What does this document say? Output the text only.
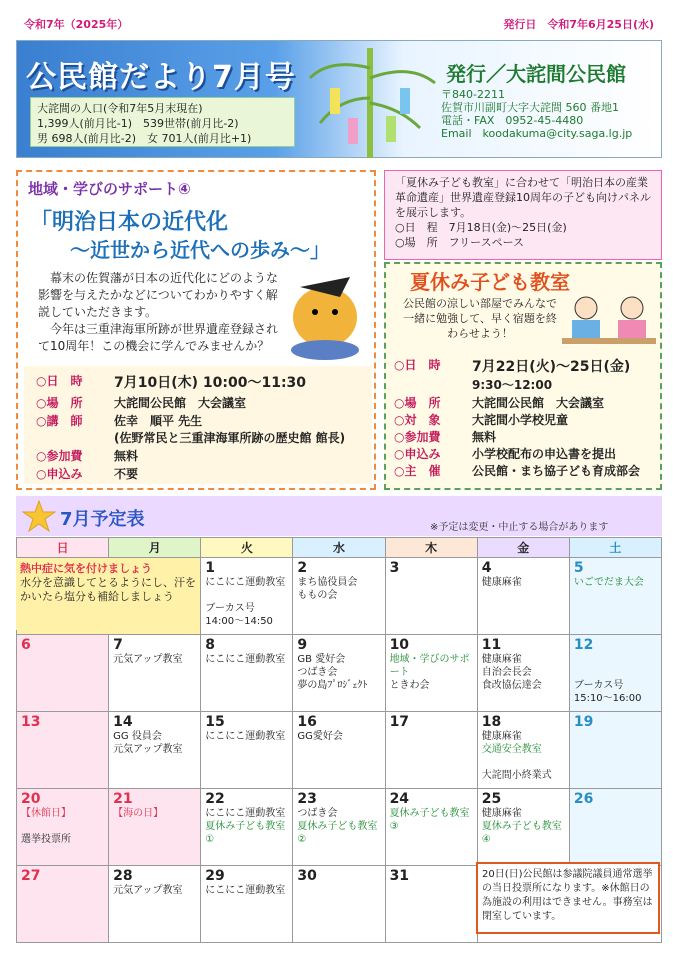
令和7年（2025年）	発行日　令和7年6月25日(水)
公民館だより7月号
大詫間の人口(令和7年5月末現在)
1,399人(前月比-1)　539世帯(前月比-2)
男 698人(前月比-2)　女 701人(前月比+1)
発行／大詫間公民館
〒840-2211
佐賀市川副町大字大詫間 560 番地1
電話・FAX　0952-45-4480
Email　koodakuma@city.saga.lg.jp
地域・学びのサポート④
「明治日本の近代化
～近世から近代への歩み～」

幕末の佐賀藩が日本の近代化にどのような影響を与えたかなどについてわかりやすく解説していただきます。

今年は三重津海軍所跡が世界遺産登録されて10周年！この機会に学んでみませんか？

○日　時	7月10日(木) 10:00～11:30
○場　所	大詫間公民館　大会議室
○講　師	佐幸　順平 先生
(佐野常民と三重津海軍所跡の歴史館 館長)
○参加費	無料
○申込み	不要
「夏休み子ども教室」に合わせて「明治日本の産業革命遺産」世界遺産登録10周年の子ども向けパネルを展示します。
○日　程　7月18日(金)～25日(金)
○場　所　フリースペース
夏休み子ども教室
公民館の涼しい部屋でみんなで一緒に勉強して、早く宿題を終わらせよう！
○日　時	7月22日(火)～25日(金)
9:30～12:00
○場　所	大詫間公民館　大会議室
○対　象	大詫間小学校児童
○参加費	無料
○申込み	小学校配布の申込書を提出
○主　催	公民館・まち協子ども育成部会
7月予定表	※予定は変更・中止する場合があります
日	月	火	水	木	金	土

		1
にこにこ運動教室

ブーカス号
14:00～14:50	2
まち協役員会
ももの会	3	4
健康麻雀	5
いごでだま大会

6	7
元気アップ教室	8
にこにこ運動教室	9
GB 愛好会
つばき会
夢の島ﾌﾟﾛｼﾞｪｸﾄ	10
地域・学びのサポート
ときわ会	11
健康麻雀
自治会長会
食改協伝達会	12

ブーカス号
15:10～16:00

13	14
GG 役員会
元気アップ教室	15
にこにこ運動教室	16
GG愛好会	17	18
健康麻雀
交通安全教室

大詫間小終業式	19

20
【休館日】

選挙投票所	21
【海の日】	22
にこにこ運動教室
夏休み子ども教室①	23
つばき会
夏休み子ども教室②	24
夏休み子ども教室③	25
健康麻雀
夏休み子ども教室④	26

27	28
元気アップ教室	29
にこにこ運動教室	30	31		

熱中症に気を付けましょう
水分を意識してとるようにし、汗をかいたら塩分も補給しましょう
20日(日)公民館は参議院議員通常選挙の当日投票所になります。※休館日の為施設の利用はできません。事務室は閉室しています。
